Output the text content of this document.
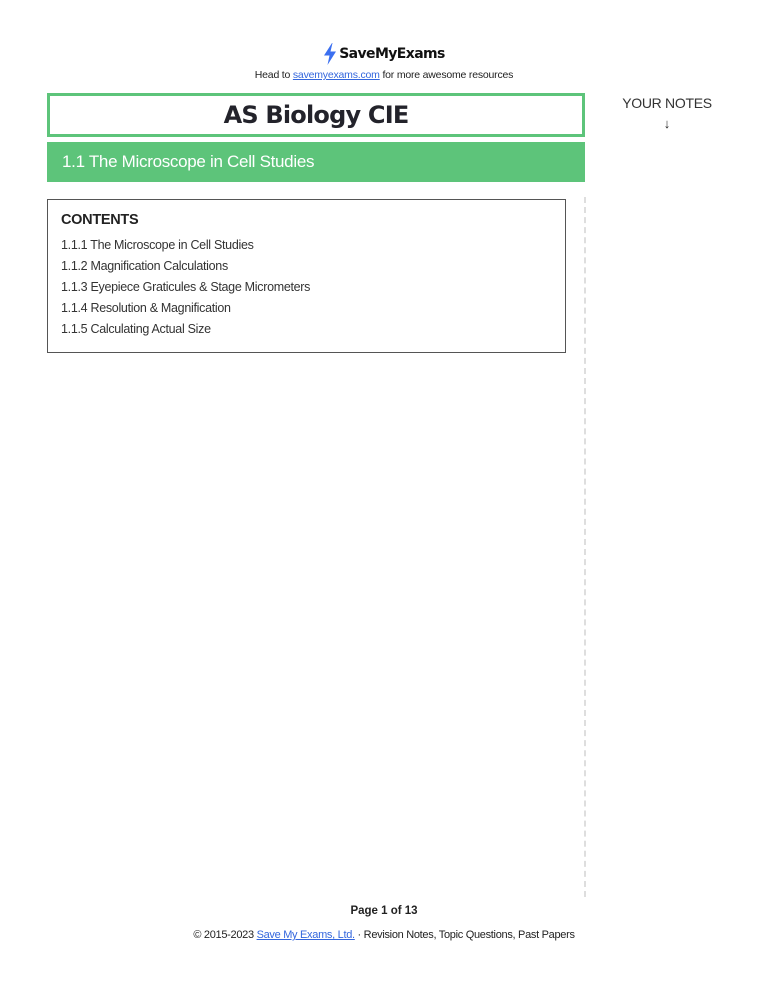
SaveMyExams
Head to savemyexams.com for more awesome resources
AS Biology CIE
1.1 The Microscope in Cell Studies
YOUR NOTES
↓
CONTENTS
1.1.1 The Microscope in Cell Studies
1.1.2 Magnification Calculations
1.1.3 Eyepiece Graticules & Stage Micrometers
1.1.4 Resolution & Magnification
1.1.5 Calculating Actual Size
Page 1 of 13
© 2015-2023 Save My Exams, Ltd. · Revision Notes, Topic Questions, Past Papers
